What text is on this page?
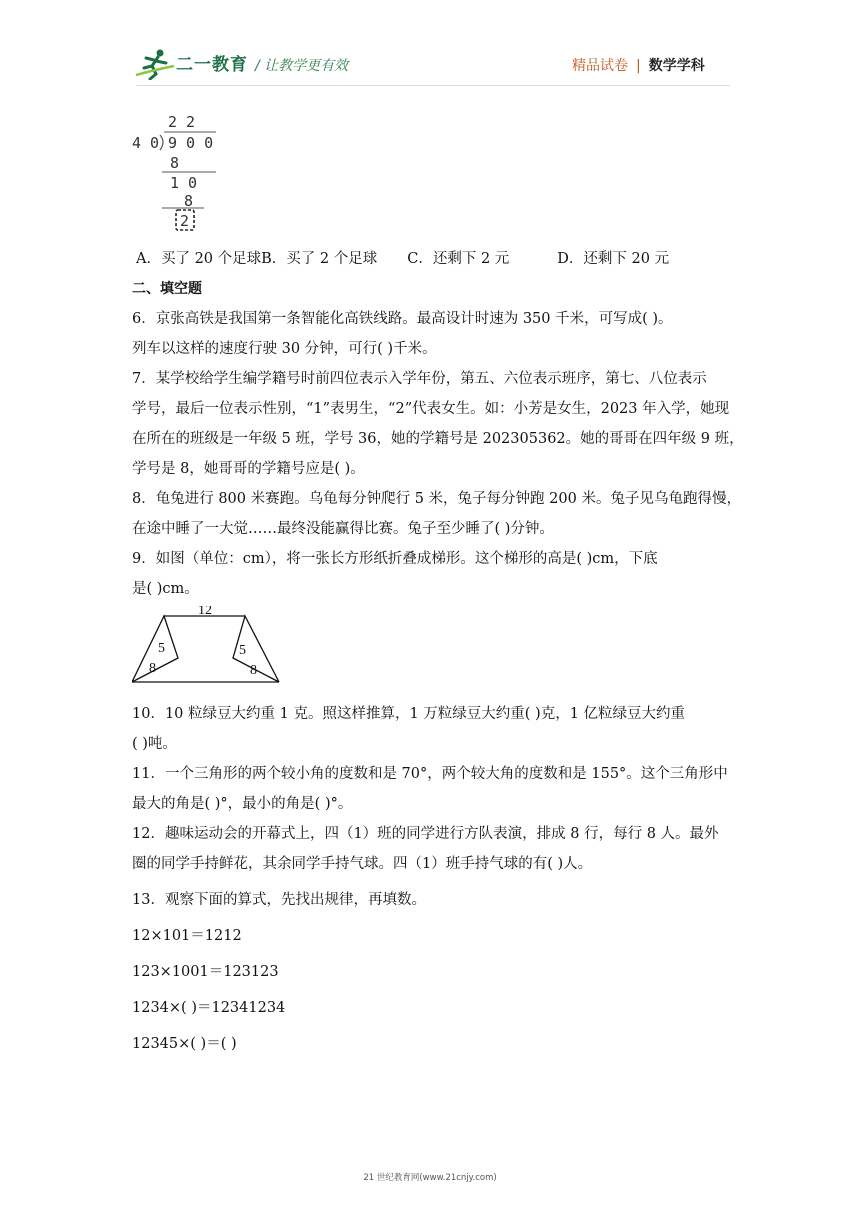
二一教育 / 让教学更有效	精品试卷 | 数学学科
2 2
4 0 9 0 0
8
1 0
8
2
A．买了 20 个足球B．买了 2 个足球 C．还剩下 2 元	D．还剩下 20 元
二、填空题
6．京张高铁是我国第一条智能化高铁线路。最高设计时速为 350 千米，可写成( )。
列车以这样的速度行驶 30 分钟，可行( )千米。
7．某学校给学生编学籍号时前四位表示入学年份，第五、六位表示班序，第七、八位表示
学号，最后一位表示性别，“1”表男生，“2”代表女生。如：小芳是女生，2023 年入学，她现
在所在的班级是一年级 5 班，学号 36，她的学籍号是 202305362。她的哥哥在四年级 9 班，
学号是 8，她哥哥的学籍号应是( )。
8．龟兔进行 800 米赛跑。乌龟每分钟爬行 5 米，兔子每分钟跑 200 米。兔子见乌龟跑得慢，
在途中睡了一大觉……最终没能赢得比赛。兔子至少睡了( )分钟。
9．如图（单位：cm），将一张长方形纸折叠成梯形。这个梯形的高是( )cm，下底
是( )cm。
12
5
8
5
8
10．10 粒绿豆大约重 1 克。照这样推算，1 万粒绿豆大约重( )克，1 亿粒绿豆大约重
( )吨。
11．一个三角形的两个较小角的度数和是 70°，两个较大角的度数和是 155°。这个三角形中
最大的角是( )°，最小的角是( )°。
12．趣味运动会的开幕式上，四（1）班的同学进行方队表演，排成 8 行，每行 8 人。最外
圈的同学手持鲜花，其余同学手持气球。四（1）班手持气球的有( )人。
13．观察下面的算式，先找出规律，再填数。
12×101＝1212
123×1001＝123123
1234×( )＝12341234
12345×( )＝( )
21 世纪教育网(www.21cnjy.com)
